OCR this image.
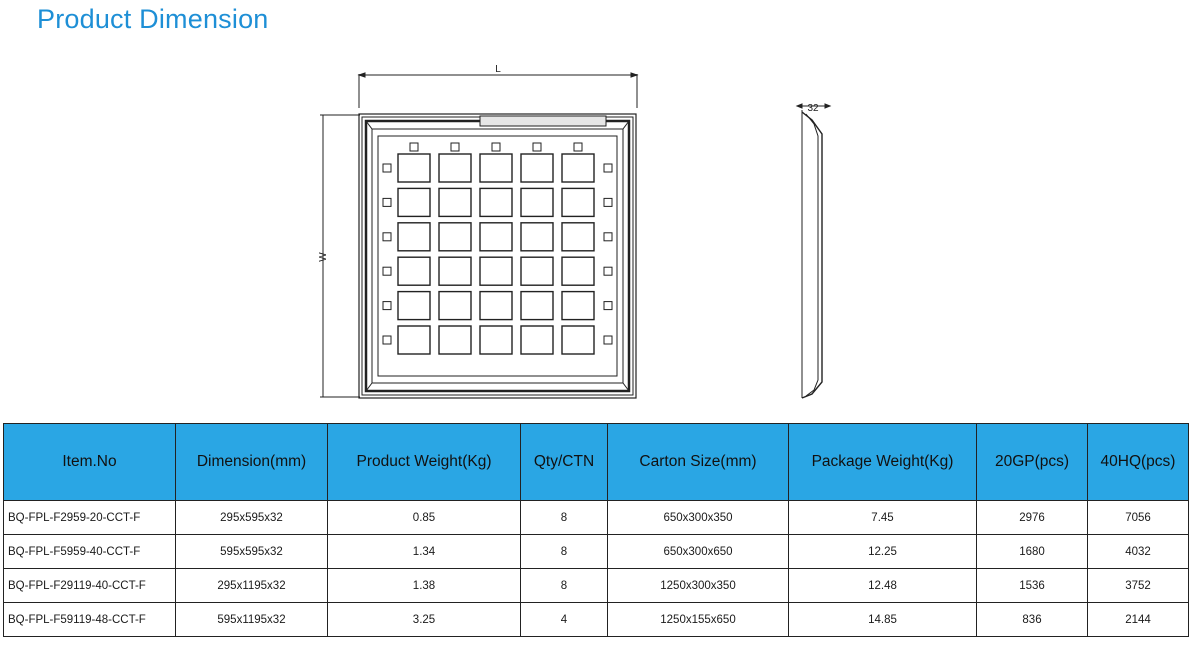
Product Dimension
L
W
32
Item.No	Dimension(mm)	Product Weight(Kg)	Qty/CTN	Carton Size(mm)	Package Weight(Kg)	20GP(pcs)	40HQ(pcs)
BQ-FPL-F2959-20-CCT-F	295x595x32	0.85	8	650x300x350	7.45	2976	7056
BQ-FPL-F5959-40-CCT-F	595x595x32	1.34	8	650x300x650	12.25	1680	4032
BQ-FPL-F29119-40-CCT-F	295x1195x32	1.38	8	1250x300x350	12.48	1536	3752
BQ-FPL-F59119-48-CCT-F	595x1195x32	3.25	4	1250x155x650	14.85	836	2144
